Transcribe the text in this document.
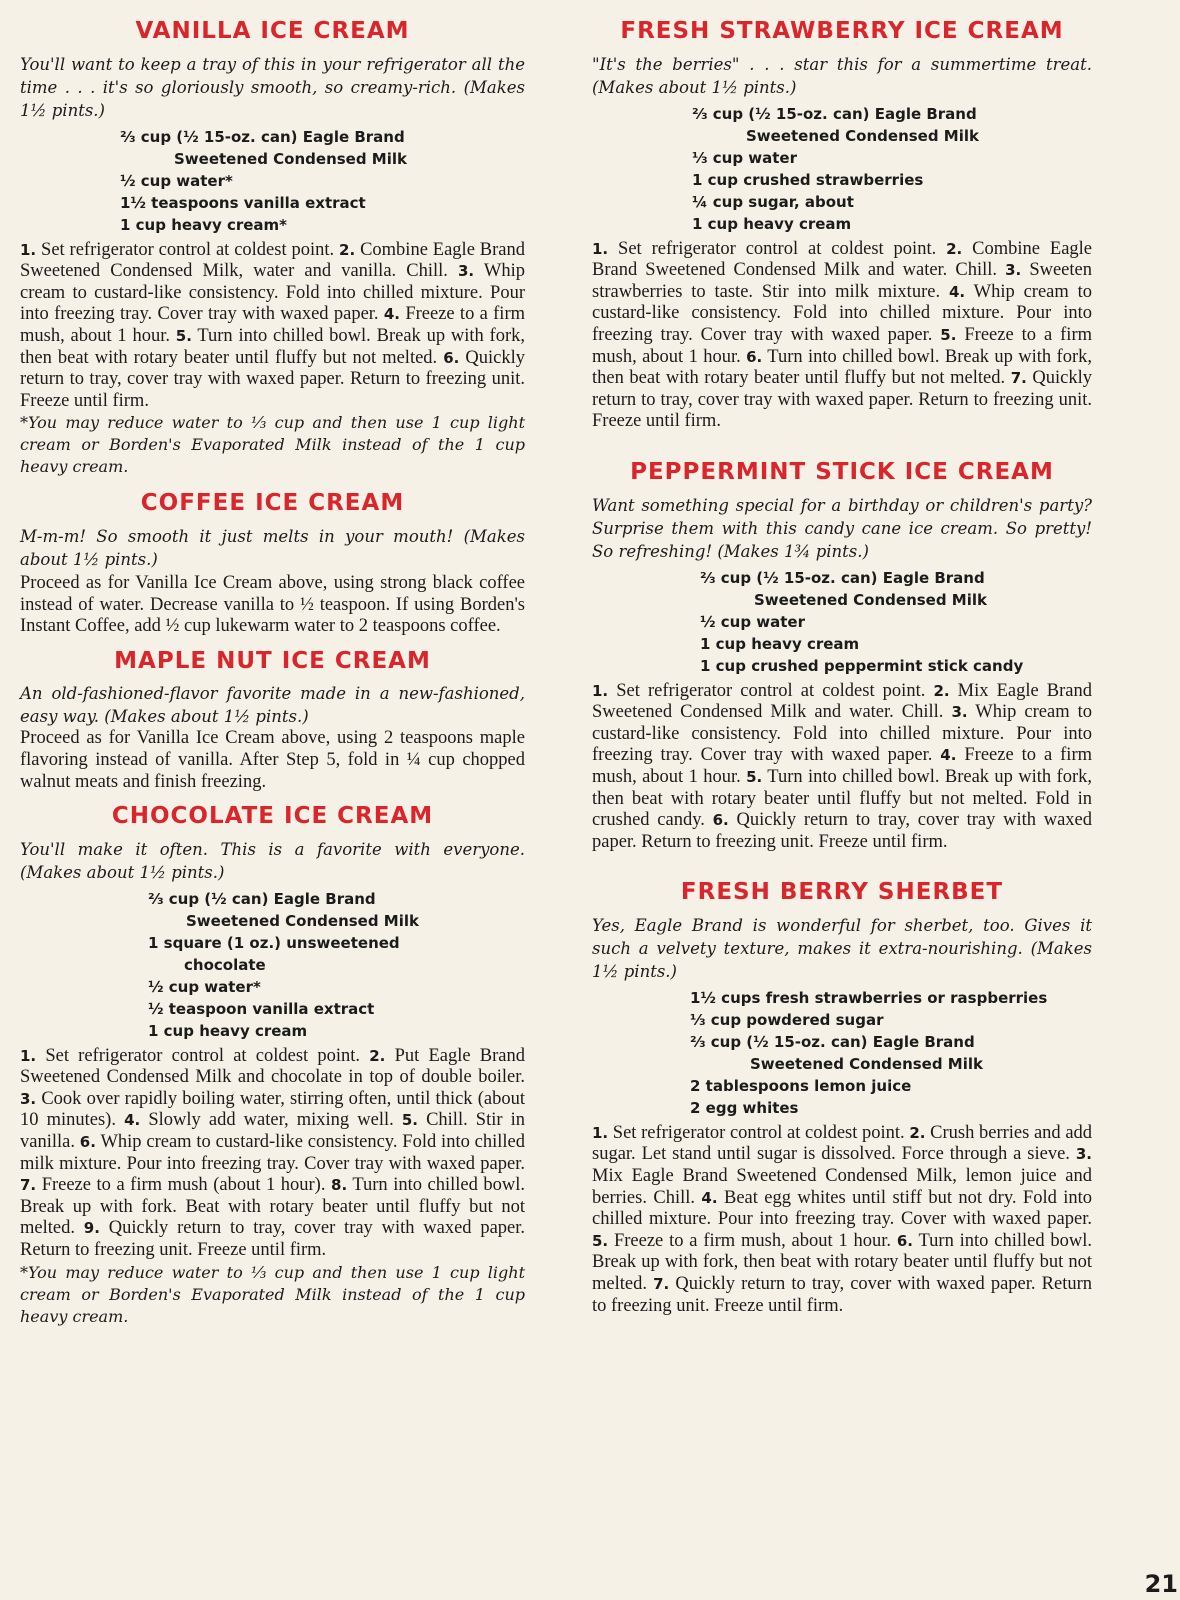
VANILLA ICE CREAM

You'll want to keep a tray of this in your refrigerator all the time . . . it's so gloriously smooth, so creamy-rich. (Makes 1½ pints.)

⅔ cup (½ 15-oz. can) Eagle Brand
Sweetened Condensed Milk
½ cup water*
1½ teaspoons vanilla extract
1 cup heavy cream*

1. Set refrigerator control at coldest point. 2. Combine Eagle Brand Sweetened Condensed Milk, water and vanilla. Chill. 3. Whip cream to custard-like consistency. Fold into chilled mixture. Pour into freezing tray. Cover tray with waxed paper. 4. Freeze to a firm mush, about 1 hour. 5. Turn into chilled bowl. Break up with fork, then beat with rotary beater until fluffy but not melted. 6. Quickly return to tray, cover tray with waxed paper. Return to freezing unit. Freeze until firm.

*You may reduce water to ⅓ cup and then use 1 cup light cream or Borden's Evaporated Milk instead of the 1 cup heavy cream.

COFFEE ICE CREAM

M-m-m! So smooth it just melts in your mouth! (Makes about 1½ pints.)

Proceed as for Vanilla Ice Cream above, using strong black coffee instead of water. Decrease vanilla to ½ teaspoon. If using Borden's Instant Coffee, add ½ cup lukewarm water to 2 teaspoons coffee.

MAPLE NUT ICE CREAM

An old-fashioned-flavor favorite made in a new-fashioned, easy way. (Makes about 1½ pints.)

Proceed as for Vanilla Ice Cream above, using 2 teaspoons maple flavoring instead of vanilla. After Step 5, fold in ¼ cup chopped walnut meats and finish freezing.

CHOCOLATE ICE CREAM

You'll make it often. This is a favorite with everyone. (Makes about 1½ pints.)

⅔ cup (½ can) Eagle Brand
Sweetened Condensed Milk
1 square (1 oz.) unsweetened
chocolate
½ cup water*
½ teaspoon vanilla extract
1 cup heavy cream

1. Set refrigerator control at coldest point. 2. Put Eagle Brand Sweetened Condensed Milk and chocolate in top of double boiler. 3. Cook over rapidly boiling water, stirring often, until thick (about 10 minutes). 4. Slowly add water, mixing well. 5. Chill. Stir in vanilla. 6. Whip cream to custard-like consistency. Fold into chilled milk mixture. Pour into freezing tray. Cover tray with waxed paper. 7. Freeze to a firm mush (about 1 hour). 8. Turn into chilled bowl. Break up with fork. Beat with rotary beater until fluffy but not melted. 9. Quickly return to tray, cover tray with waxed paper. Return to freezing unit. Freeze until firm.

*You may reduce water to ⅓ cup and then use 1 cup light cream or Borden's Evaporated Milk instead of the 1 cup heavy cream.

FRESH STRAWBERRY ICE CREAM

"It's the berries" . . . star this for a summertime treat. (Makes about 1½ pints.)

⅔ cup (½ 15-oz. can) Eagle Brand
Sweetened Condensed Milk
⅓ cup water
1 cup crushed strawberries
¼ cup sugar, about
1 cup heavy cream

1. Set refrigerator control at coldest point. 2. Combine Eagle Brand Sweetened Condensed Milk and water. Chill. 3. Sweeten strawberries to taste. Stir into milk mixture. 4. Whip cream to custard-like consistency. Fold into chilled mixture. Pour into freezing tray. Cover tray with waxed paper. 5. Freeze to a firm mush, about 1 hour. 6. Turn into chilled bowl. Break up with fork, then beat with rotary beater until fluffy but not melted. 7. Quickly return to tray, cover tray with waxed paper. Return to freezing unit. Freeze until firm.

PEPPERMINT STICK ICE CREAM

Want something special for a birthday or children's party? Surprise them with this candy cane ice cream. So pretty! So refreshing! (Makes 1¾ pints.)

⅔ cup (½ 15-oz. can) Eagle Brand
Sweetened Condensed Milk
½ cup water
1 cup heavy cream
1 cup crushed peppermint stick candy

1. Set refrigerator control at coldest point. 2. Mix Eagle Brand Sweetened Condensed Milk and water. Chill. 3. Whip cream to custard-like consistency. Fold into chilled mixture. Pour into freezing tray. Cover tray with waxed paper. 4. Freeze to a firm mush, about 1 hour. 5. Turn into chilled bowl. Break up with fork, then beat with rotary beater until fluffy but not melted. Fold in crushed candy. 6. Quickly return to tray, cover tray with waxed paper. Return to freezing unit. Freeze until firm.

FRESH BERRY SHERBET

Yes, Eagle Brand is wonderful for sherbet, too. Gives it such a velvety texture, makes it extra-nourishing. (Makes 1½ pints.)

1½ cups fresh strawberries or raspberries
⅓ cup powdered sugar
⅔ cup (½ 15-oz. can) Eagle Brand
Sweetened Condensed Milk
2 tablespoons lemon juice
2 egg whites

1. Set refrigerator control at coldest point. 2. Crush berries and add sugar. Let stand until sugar is dissolved. Force through a sieve. 3. Mix Eagle Brand Sweetened Condensed Milk, lemon juice and berries. Chill. 4. Beat egg whites until stiff but not dry. Fold into chilled mixture. Pour into freezing tray. Cover with waxed paper. 5. Freeze to a firm mush, about 1 hour. 6. Turn into chilled bowl. Break up with fork, then beat with rotary beater until fluffy but not melted. 7. Quickly return to tray, cover with waxed paper. Return to freezing unit. Freeze until firm.

21
